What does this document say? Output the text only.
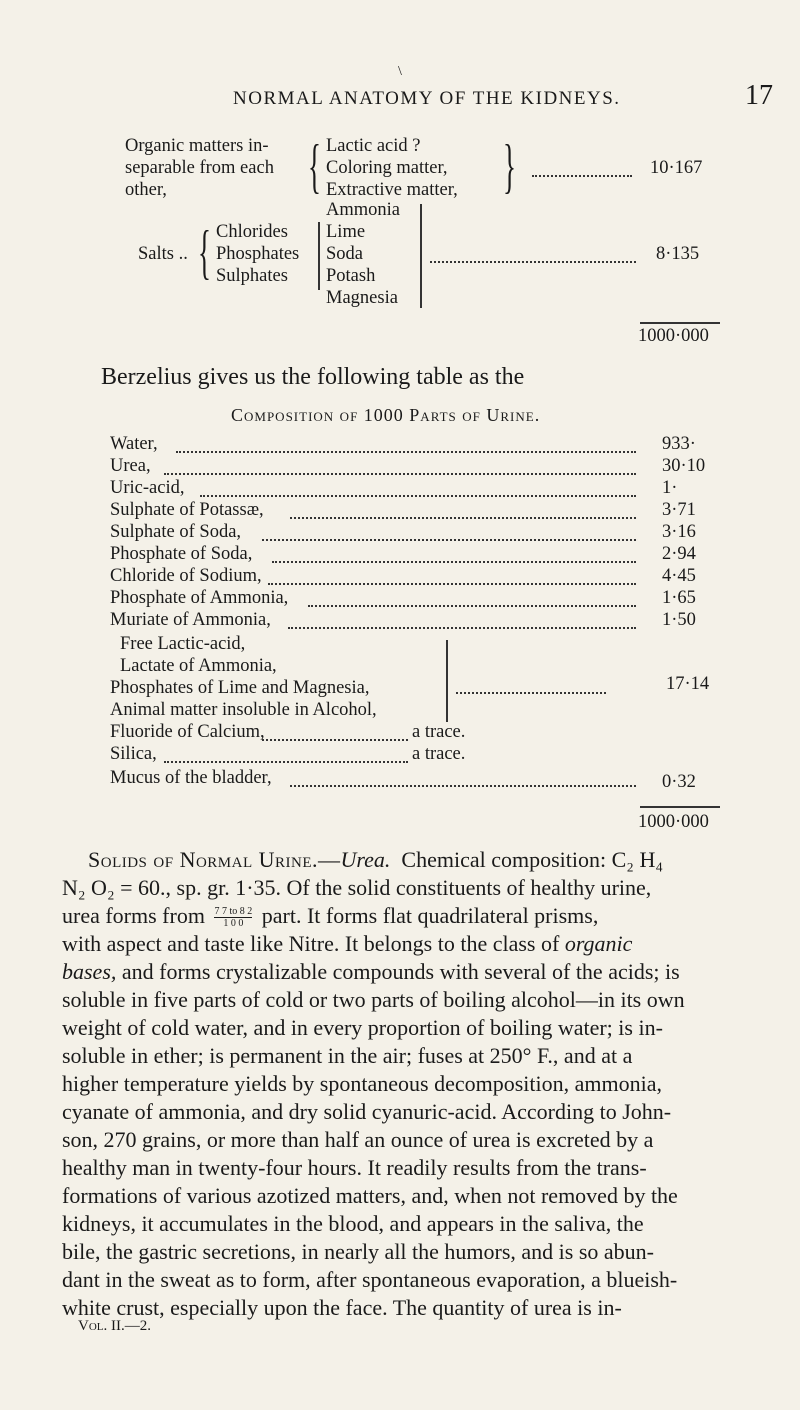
\
NORMAL ANATOMY OF THE KIDNEYS.	17
Organic matters in-
separable from each
other, { Lactic acid ?
Coloring matter,
Extractive matter, }	10·167
Salts .. { Chlorides
Phosphates
Sulphates
Ammonia
Lime
Soda
Potash
Magnesia
8·135
1000·000
Berzelius gives us the following table as the
Composition of 1000 Parts of Urine.
Water,	933·
Urea,	30·10
Uric-acid,	1·
Sulphate of Potassæ,	3·71
Sulphate of Soda,	3·16
Phosphate of Soda,	2·94
Chloride of Sodium,	4·45
Phosphate of Ammonia,	1·65
Muriate of Ammonia,	1·50
Free Lactic-acid,
Lactate of Ammonia,
Phosphates of Lime and Magnesia,
Animal matter insoluble in Alcohol,
17·14
Fluoride of Calcium,	a trace.
Silica,	a trace.
Mucus of the bladder,	0·32
1000·000
Solids of Normal Urine.—Urea. Chemical composition: C₂ H₄
N₂ O₂ = 60., sp. gr. 1·35. Of the solid constituents of healthy urine,
urea forms from $\frac{7 7 to 8 2}{1 0 0}$ part. It forms flat quadrilateral prisms,
with aspect and taste like Nitre. It belongs to the class of organic
bases, and forms crystalizable compounds with several of the acids; is
soluble in five parts of cold or two parts of boiling alcohol—in its own
weight of cold water, and in every proportion of boiling water; is in-
soluble in ether; is permanent in the air; fuses at 250° F., and at a
higher temperature yields by spontaneous decomposition, ammonia,
cyanate of ammonia, and dry solid cyanuric-acid. According to John-
son, 270 grains, or more than half an ounce of urea is excreted by a
healthy man in twenty-four hours. It readily results from the trans-
formations of various azotized matters, and, when not removed by the
kidneys, it accumulates in the blood, and appears in the saliva, the
bile, the gastric secretions, in nearly all the humors, and is so abun-
dant in the sweat as to form, after spontaneous evaporation, a blueish-
white crust, especially upon the face. The quantity of urea is in-
Vol. II.—2.
